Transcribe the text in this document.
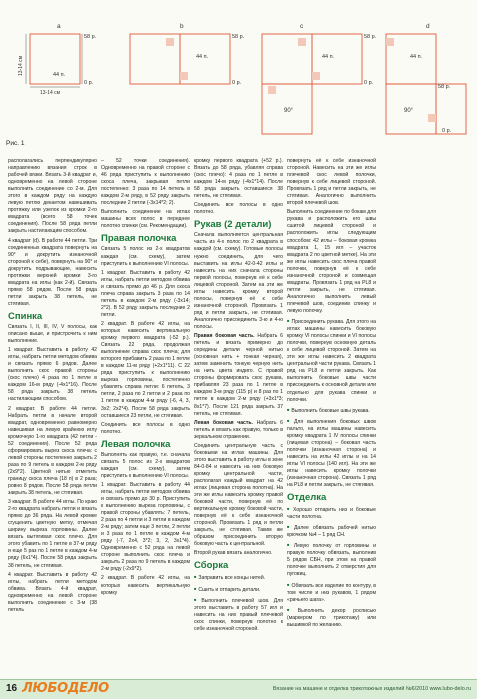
a
58 р.
0 р.
44 п.
13-14 см
13-14 см
b
58 р.
0 р.
44 п.
c
58 р.
0 р.
44 п.
90°
d
58 р.
0 р.
44 п.
90°
Рис. 1

располагались перпендикулярно направлению вязания строк в рабочей вязки. Вязать 3-й квадрат и, одновременно на левой стороне выполнить соединение со 2-м. Для этого в каждом ряду на каждую левую петлю декаетом навешивать протяжку или узелок из кромки 2-го квадрата (всего 58 точек соединения). После 58 ряда петли закрыть настилающим способом.

4 квадрат (d). В работе 44 петли. Три соединенных квадрата повернуть на 90° и докрутить изнаночной стороной к себе), повернуть на 90° и докрутить подрывающие, навесить протяжки верхней кромки 3-го квадрата на иглы (как 2-й). Связать прямо 58 рядов. После 58 ряда петли закрыть 38 петель, не стягивая.

Спинка

Связать I, II, III, IV, V полосы, как описано выше, и пристрочить к ним выполнение.

1 квадрат. Выставить в работу 42 иглы, набрать петли методом обвива и связать прямо 6 рядов. Далее выполнить скос правой стороны (скос плечо) 4 раза по 1 петле в каждом 16-м ряду (-4х1*16). После 58 ряда закрыть 38 петель настилающим способом.

2 квадрат. В работе 44 петли. Набрать петли в начале второй квадрат, одновременно равномерно навешивая на левую крайнюю иглу кромочную 1-го квадрата (42 петли - 52 соединения). После 52 ряда сформировать вырез скоса плеча: с левой стороны постепенно закрыть 2 раза по 9 петель в каждом 2-м ряду (2х9*2). Цветной нитью отметить границу скоса плеча (18 п) в 2 раза; ровно 8 рядов. После 58 ряда петли закрыть 38 петель, не стягивая.

3 квадрат. В работе 44 иглы. По краю 2-го квадрата набрать петли и вязать прямо до 36 ряда. На левой кромке сгущенить цветную метку, отмечая ширину выреза горловины. Далее вязать вытягивая скос плечо. Для этого убавить по 1 петле в 37-м ряду и еще 5 раз по 1 петле в каждом 4-м ряду (6х1*4). После 58 ряда закрыть 38 петель, не стягивая.

4 квадрат. Выставить в работу 42 иглы, набрать петли методом обвива. Вязать 4-й квадрат, одновременно на левой стороне выполнить соединение с 3-м (38 петель

– 52 точки соединения). Одновременно на правой стороне с 46 ряда приступить к выполнению скоса плеча, закрывая петли постепенно: 3 раза по 14 петель в каждом 2-м ряду, в 52 ряду закрыть последние 2 петли (-3х14*2; 2).

Выполнить соединение на иглах машины всех полос в переднее полотно спинки (см. Рекомендации).

Правая полочка

Связать 5 полос из 2-х квадратов каждая (см. схему), затем приступить к выполнению VI полосы.

1 квадрат. Выставить в работу 42 иглы, набрать петли методом обвива и связать прямо до 46 р. Для скоса плеча справа закрыть 3 раза по 14 петель в каждом 2-м ряду (-3х14; 2*2). В 52 ряду закрыть последние 2 петли.

2 квадрат. В работе 42 иглы, на которых навесить вертикальную кромку первого квадрата (-52 р.). Связать 22 ряда, продолжая выполнение справа скос плеча; для которого прибавить 2 раза по 1 петле в каждом 11-м ряду (+2х1*11). С 22 ряда приступить к выполнению выреза горловины, постепенно убавлять справа петли: 6 петель, 3 петли, 2 раза по 2 петли и 2 раза по 1 петле в каждом 4-м ряду (-6, 4, 3, 3х2; 2х2*4). После 58 ряда закрыть оставшиеся 23 петли, не стягивая.

Соединить все полосы в одно полотно.

Левая полочка

Выполнять как правую, т.е. сначала связать 5 полос из 2-х квадратов каждая (см. схему), затем приступить к выполнению VI полосы.

1 квадрат. Выставить в работу 44 иглы, набрать петли методом обвива и связать прямо до 30 р. Приступить к выполнению выреза горловины, с правой стороны убавлять: 7 петель, 2 раза по 4 петли и 3 петли в каждом 2-м ряду; затем еще 3 петли, 2 петли и 3 раза по 1 петле в каждом 4-м ряду (-7, 2х4, 3*2; 3, 2, 3х1*4). Одновременно с 52 ряда на левой стороне выполнить скос плеча и закрыть 2 раза по 9 петель в каждом 2-м ряду (-2х9*2).

2 квадрат. В работе 42 иглы, на которых навесить вертикальную кромку

кромку первого квадрата (+52 р.). Вязать до 58 ряда, убавляя справа (скос плечо): 4 раза по 1 петле в каждом 14-м ряду (-4х1*14). После 58 ряда закрыть оставшиеся 38 петель, не стягивая.

Соединить все полосы в одно полотно.

Рукав (2 детали)

Сначала выполняется центральная часть из 4-х полос по 2 квадрата в каждой (см. схему). Готовые полосы нужно соединить, для чего выставить на иглы 42-0-42 иглы и навесить на них сначала стороны первой полосы, повернув её к себе лицевой стороной. Затем на эти же иглы навесить кромку второй полосы, повернув её к себе изнаночной стороной. Провязать 1 ряд и петли закрыть, не стягивая. Аналогично присоединить 3-ю и 4-ю полосы.

Правая боковая часть. Набрать 6 петель и вязать примерно до середины детали черной нитью (основная нить + тонкая черная), затем заменить тонкую черную нить на нить цвета индиго. С правой стороны формировать скос рукава, прибавляя 23 раза по 1 петле в каждом 3-м ряду (115 р) и 8 раз по 1 петле в каждом 2-м ряду (+3х1*3; 8х1*7). После 121 ряда закрыть 37 петель, не стягивая.

Левая боковая часть. Набрать 6 петель и вязать как правую, только в зеркальном отражении.

Соединить центральную часть с боковыми на иглах машины. Для этого выставить в работу иглы в зоне 84-0-84 и навесить на них боковую кромку центральной части, располагая каждый квадрат на 42 иглах (лицевая сторона полотна). На эти же иглы навесить кромку правой боковой части, повернув её по вертикальную кромку боковой части, повернув её к себе изнаночной стороной. Провязать 1 ряд и петли закрыть, не стягивая. Таким же образом присоединить вторую боковую часть к центральной.

Второй рукав вязать аналогично.

Сборка

■ Заправить все концы нитей.

■ Сшить и отпарить детали.

■ Выполнить плечевой шов. Для этого выставить в работу 57 игл и навесить на них правый плечевой скос спинки, повернув полотно к себе изнаночной стороной.

повернуть её к себе изнаночной стороной. Навесить на эти же иглы плечевой скос левой полочки, повернув к себе лицевой стороной. Провязать 1 ряд и петли закрыть, не стягивая. Аналогично выполнить второй плечевой шов.

Выполнить соединение по бокам для рукава и расположить его швы сшитой лицевой стороной и расположить иглы следующим способом: 42 иглы – боковая кромка квадрата 1, 15 игл – участок квадрата 2 по цветной метке). На эти же иглы навесить скос плеча правой полочки, повернув её к себе изнаночной стороной и совмещая квадраты. Провязать 1 ряд на PL8 и петли закрыть, не стягивая. Аналогично выполнить левый плечевой шов, соединив спинку и левую полочку.

■ Присоединить рукава. Для этого на иглах машины навесить боковую кромку VI полосы спинки и VI полосы полочки, повернув основную деталь к себе лицевой стороной. Затем на эти же иглы навесить 2 квадрата центральной части рукава. Связать 1 ряд на PL8 и петли закрыть. Как выполнить боковые швы части присоединить к основной детали или отдельно для рукава спинки и полочки.

■ Выполнить боковые швы рукава.

■ Для выполнения боковых швов пальто, на иглы машины навесить кромку квадрата 1 IV полосы спинки (лицевая сторона) – боковая часть полочки (изнаночная сторона) и навесить на иглы 42 иглы и на 14 иглы VI полосы (140 игл). На эти же иглы навесить кромку полочки (изнаночная сторона). Связать 1 ряд на PL8 и петли закрыть, не стягивая.

Отделка

■ Хорошо отпарить низ и боковые части полотна.

■ Далее обвязать рабочей нитью крючком №4 – 1 ряд СН.

■ Левую полочку от горловины и правую полочку обвязать, выполнив 5 рядов СБН, при этом на правой полочке выполнить 2 отверстия для пуговиц.

■ Обвязать все изделие по контуру, в том числе и низ рукавов, 1 рядом «рачьего шага».

■ Выполнить декор росписью (маркером по трикотажу) или вышивкой по желанию.

16 ЛЮБОДЕЛО	Вязание на машине и отделка трикотажных изделий №6/2010 www.lubo-delo.ru
